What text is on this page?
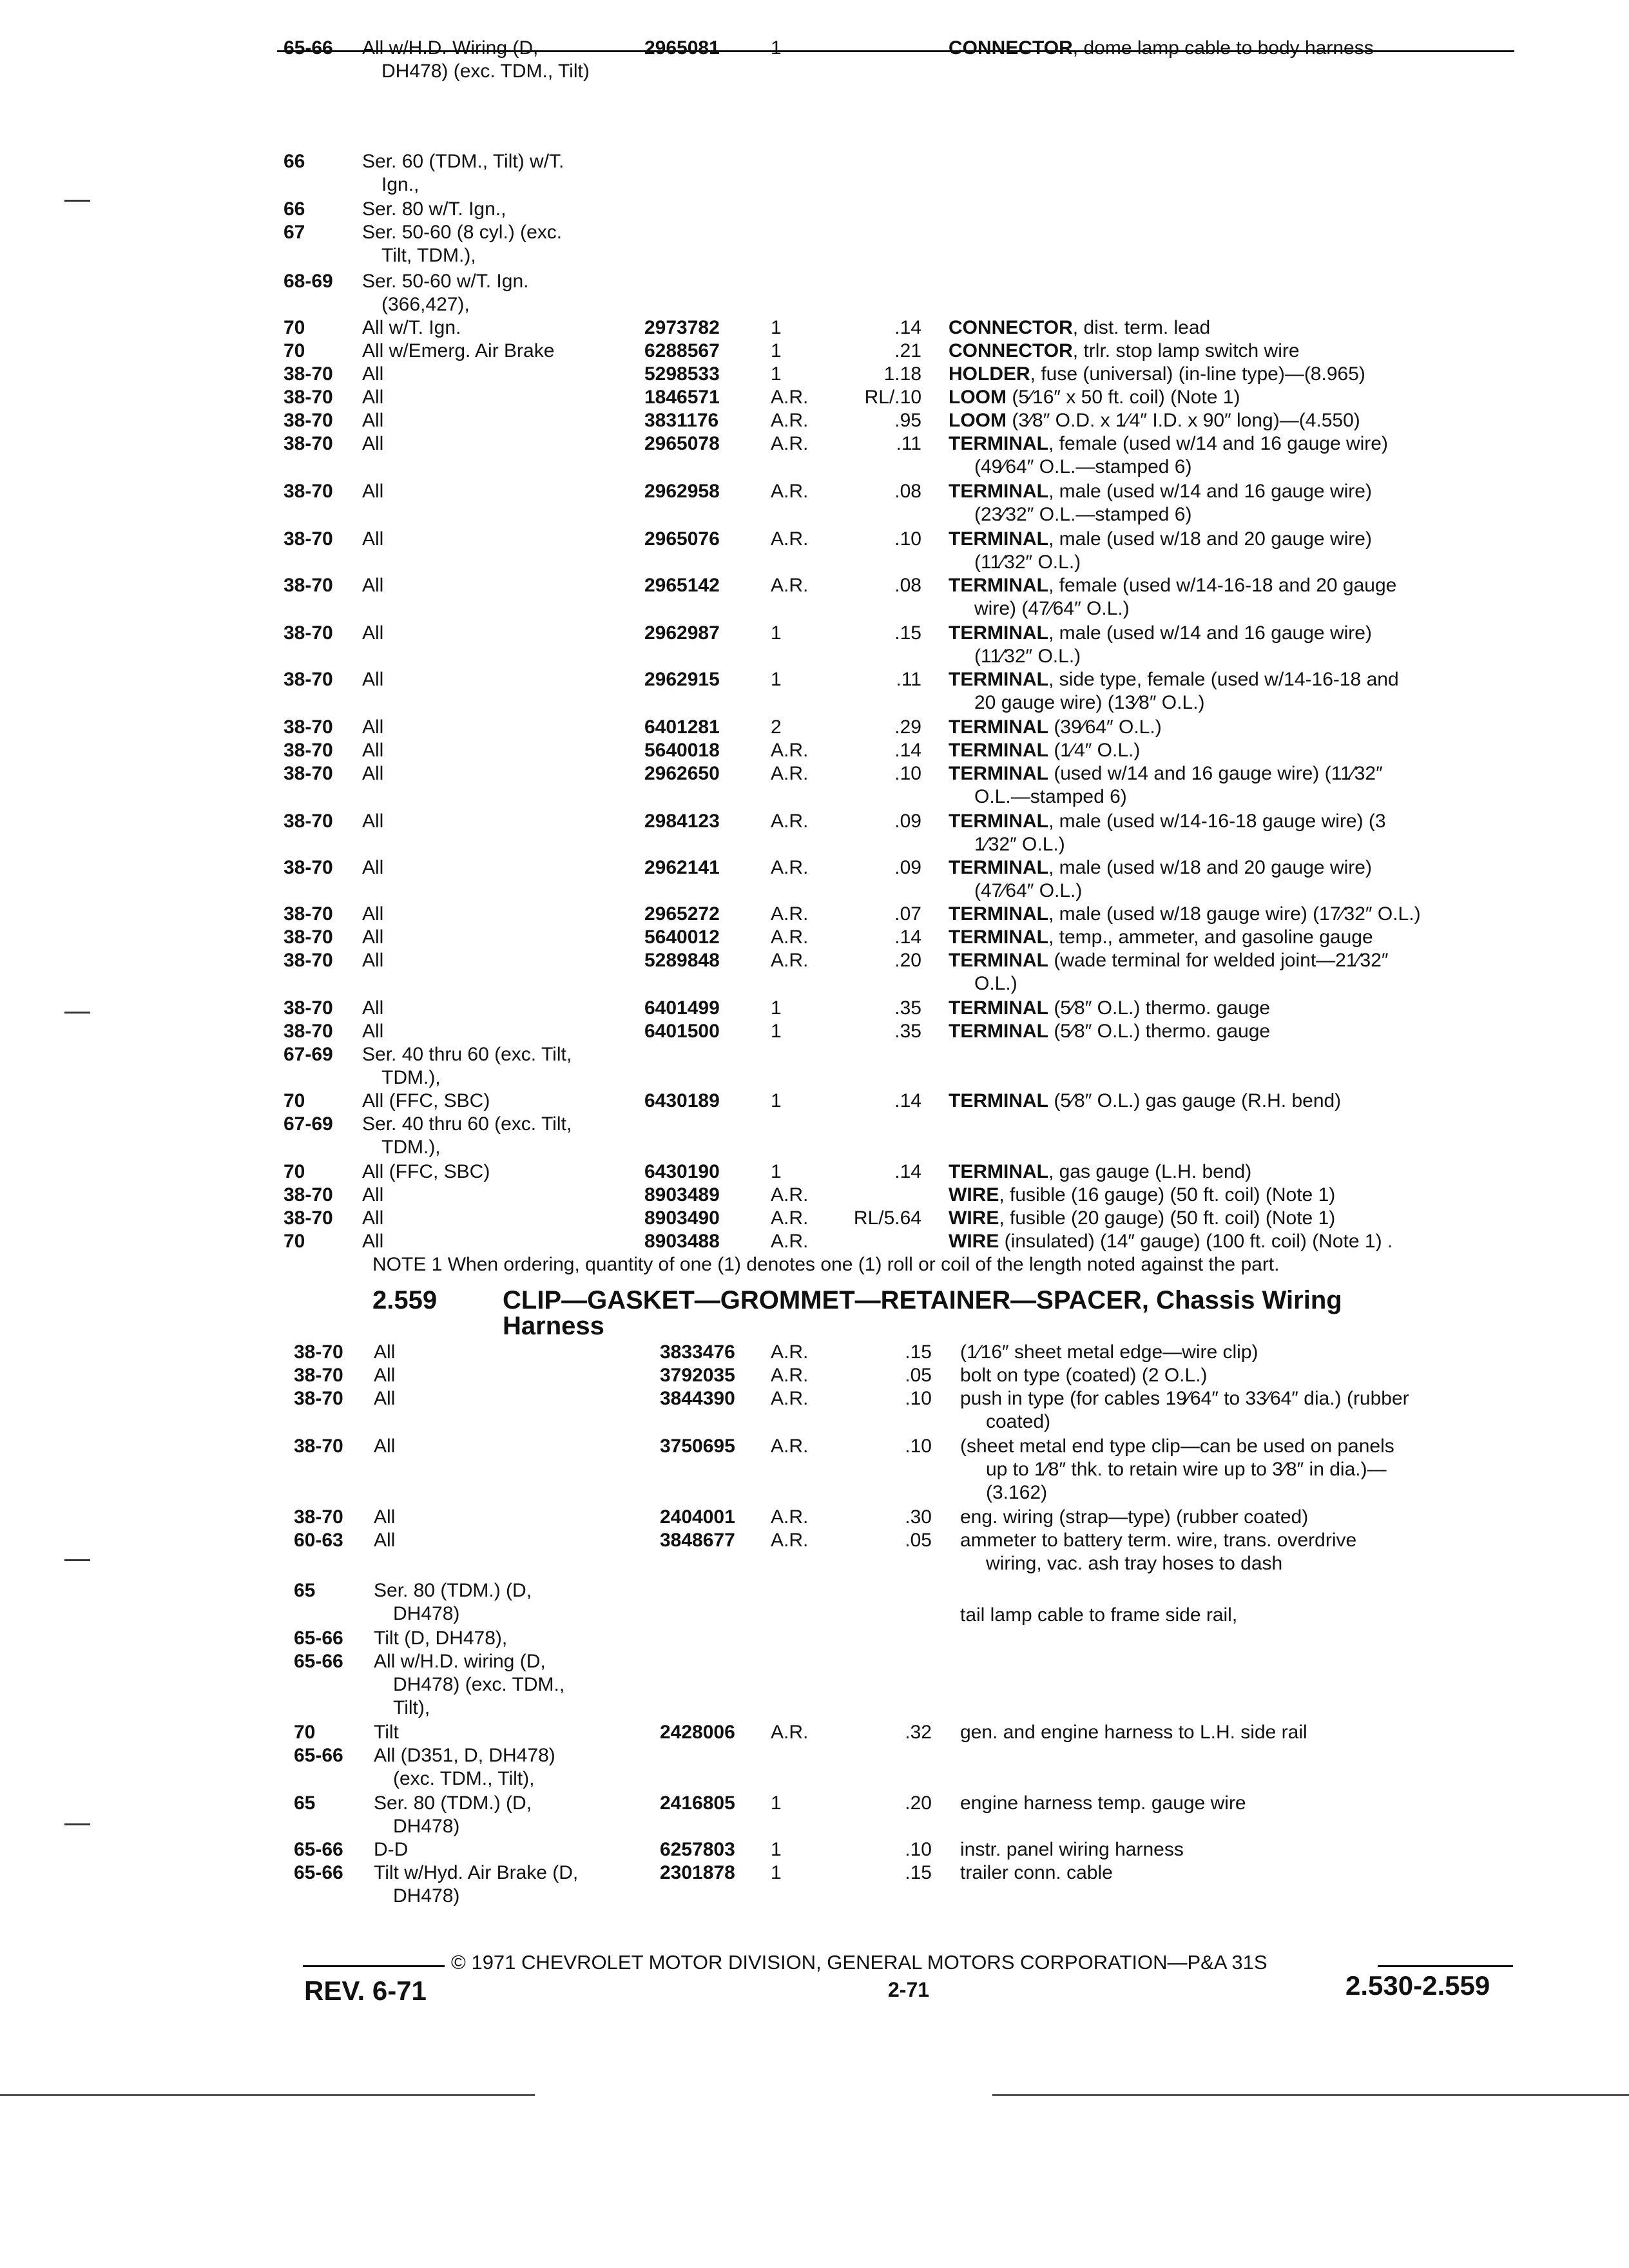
65-66 All w/H.D. Wiring (D,	2965081	1	CONNECTOR, dome lamp cable to body harness
DH478) (exc. TDM., Tilt)
66	Ser. 60 (TDM., Tilt) w/T.
Ign.,
66	Ser. 80 w/T. Ign.,
67	Ser. 50-60 (8 cyl.) (exc.
Tilt, TDM.),
68-69 Ser. 50-60 w/T. Ign.
(366,427),
70	All w/T. Ign.	2973782	1	.14 CONNECTOR, dist. term. lead
70	All w/Emerg. Air Brake	6288567	1	.21 CONNECTOR, trlr. stop lamp switch wire
38-70 All	5298533	1	1.18 HOLDER, fuse (universal) (in-line type)—(8.965)
38-70 All	1846571	A.R.	RL/.10 LOOM (5⁄16″ x 50 ft. coil) (Note 1)
38-70 All	3831176	A.R.	.95 LOOM (3⁄8″ O.D. x 1⁄4″ I.D. x 90″ long)—(4.550)
38-70 All	2965078	A.R.	.11 TERMINAL, female (used w/14 and 16 gauge wire)
(49⁄64″ O.L.—stamped 6)
38-70 All	2962958	A.R.	.08 TERMINAL, male (used w/14 and 16 gauge wire)
(23⁄32″ O.L.—stamped 6)
38-70 All	2965076	A.R.	.10 TERMINAL, male (used w/18 and 20 gauge wire)
(11⁄32″ O.L.)
38-70 All	2965142	A.R.	.08 TERMINAL, female (used w/14-16-18 and 20 gauge
wire) (47⁄64″ O.L.)
38-70 All	2962987	1	.15 TERMINAL, male (used w/14 and 16 gauge wire)
(11⁄32″ O.L.)
38-70 All	2962915	1	.11 TERMINAL, side type, female (used w/14-16-18 and
20 gauge wire) (13⁄8″ O.L.)
38-70 All	6401281	2	.29 TERMINAL (39⁄64″ O.L.)
38-70 All	5640018	A.R.	.14 TERMINAL (1⁄4″ O.L.)
38-70 All	2962650	A.R.	.10 TERMINAL (used w/14 and 16 gauge wire) (11⁄32″
O.L.—stamped 6)
38-70 All	2984123	A.R.	.09 TERMINAL, male (used w/14-16-18 gauge wire) (3
1⁄32″ O.L.)
38-70 All	2962141	A.R.	.09 TERMINAL, male (used w/18 and 20 gauge wire)
(47⁄64″ O.L.)
38-70 All	2965272	A.R.	.07 TERMINAL, male (used w/18 gauge wire) (17⁄32″ O.L.)
38-70 All	5640012	A.R.	.14 TERMINAL, temp., ammeter, and gasoline gauge
38-70 All	5289848	A.R.	.20 TERMINAL (wade terminal for welded joint—21⁄32″
O.L.)
38-70 All	6401499	1	.35 TERMINAL (5⁄8″ O.L.) thermo. gauge
38-70 All	6401500	1	.35 TERMINAL (5⁄8″ O.L.) thermo. gauge
67-69 Ser. 40 thru 60 (exc. Tilt,
TDM.),
70	All (FFC, SBC)	6430189	1	.14 TERMINAL (5⁄8″ O.L.) gas gauge (R.H. bend)
67-69 Ser. 40 thru 60 (exc. Tilt,
TDM.),
70	All (FFC, SBC)	6430190	1	.14 TERMINAL, gas gauge (L.H. bend)
38-70 All	8903489	A.R.	WIRE, fusible (16 gauge) (50 ft. coil) (Note 1)
38-70 All	8903490	A.R.	RL/5.64 WIRE, fusible (20 gauge) (50 ft. coil) (Note 1)
70	All	8903488	A.R.	WIRE (insulated) (14″ gauge) (100 ft. coil) (Note 1) .
NOTE 1 When ordering, quantity of one (1) denotes one (1) roll or coil of the length noted against the part.
2.559	CLIP—GASKET—GROMMET—RETAINER—SPACER, Chassis Wiring
Harness
38-70 All	3833476 A.R.	.15 (1⁄16″ sheet metal edge—wire clip)
38-70 All	3792035 A.R.	.05 bolt on type (coated) (2 O.L.)
38-70 All	3844390 A.R.	.10 push in type (for cables 19⁄64″ to 33⁄64″ dia.) (rubber
coated)
38-70 All	3750695 A.R.	.10 (sheet metal end type clip—can be used on panels
up to 1⁄8″ thk. to retain wire up to 3⁄8″ in dia.)—
(3.162)
38-70 All	2404001 A.R.	.30 eng. wiring (strap—type) (rubber coated)
60-63 All	3848677 A.R.	.05 ammeter to battery term. wire, trans. overdrive
wiring, vac. ash tray hoses to dash
65	Ser. 80 (TDM.) (D,
DH478)	tail lamp cable to frame side rail,
65-66 Tilt (D, DH478),
65-66 All w/H.D. wiring (D,
DH478) (exc. TDM.,
Tilt),
70	Tilt	2428006 A.R.	.32 gen. and engine harness to L.H. side rail
65-66 All (D351, D, DH478)
(exc. TDM., Tilt),
65	Ser. 80 (TDM.) (D,	2416805 1	.20 engine harness temp. gauge wire
DH478)
65-66 D-D	6257803 1	.10 instr. panel wiring harness
65-66 Tilt w/Hyd. Air Brake (D,	2301878 1	.15 trailer conn. cable
DH478)
© 1971 CHEVROLET MOTOR DIVISION, GENERAL MOTORS CORPORATION—P&A 31S
REV. 6-71	2-71	2.530-2.559
